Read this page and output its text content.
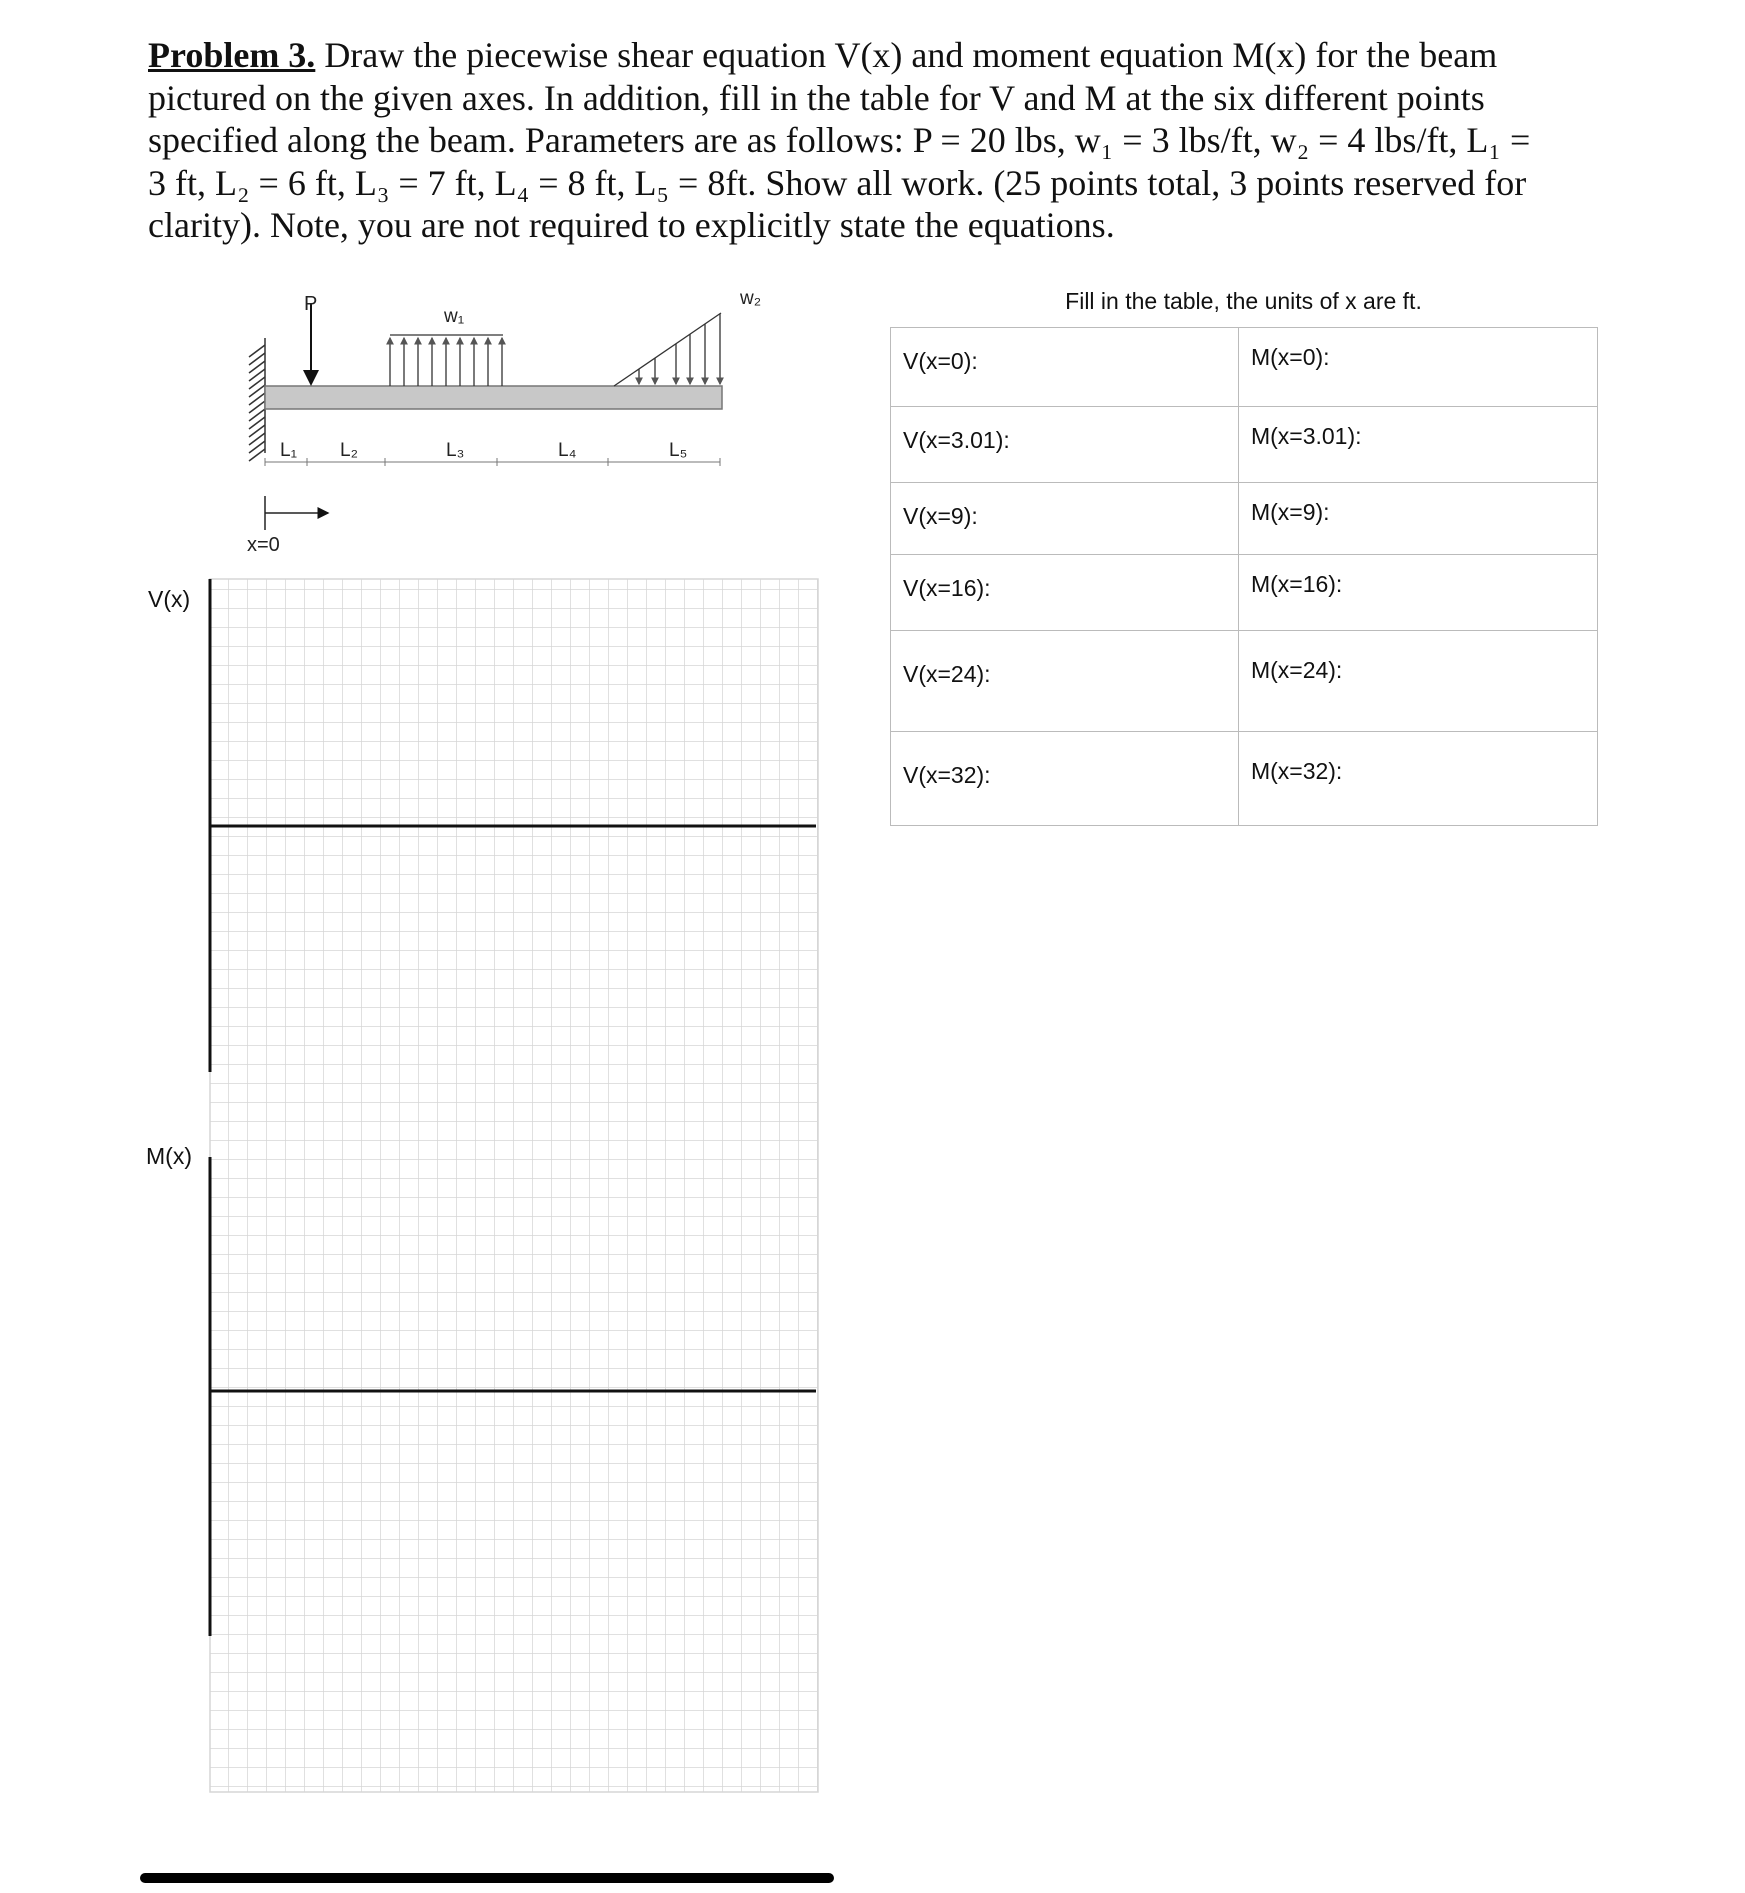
Problem 3. Draw the piecewise shear equation V(x) and moment equation M(x) for the beam
pictured on the given axes. In addition, fill in the table for V and M at the six different points
specified along the beam. Parameters are as follows: P = 20 lbs, w₁ = 3 lbs/ft, w₂ = 4 lbs/ft, L₁ =
3 ft, L₂ = 6 ft, L₃ = 7 ft, L₄ = 8 ft, L₅ = 8ft. Show all work. (25 points total, 3 points reserved for
clarity). Note, you are not required to explicitly state the equations.
P
w₁
w₂
L₁ L₂	L₃	L₄	L₅
x=0
V(x)
M(x)
Fill in the table, the units of x are ft.
V(x=0):	M(x=0):
V(x=3.01):	M(x=3.01):
V(x=9):	M(x=9):
V(x=16):	M(x=16):
V(x=24):	M(x=24):
V(x=32):	M(x=32):
